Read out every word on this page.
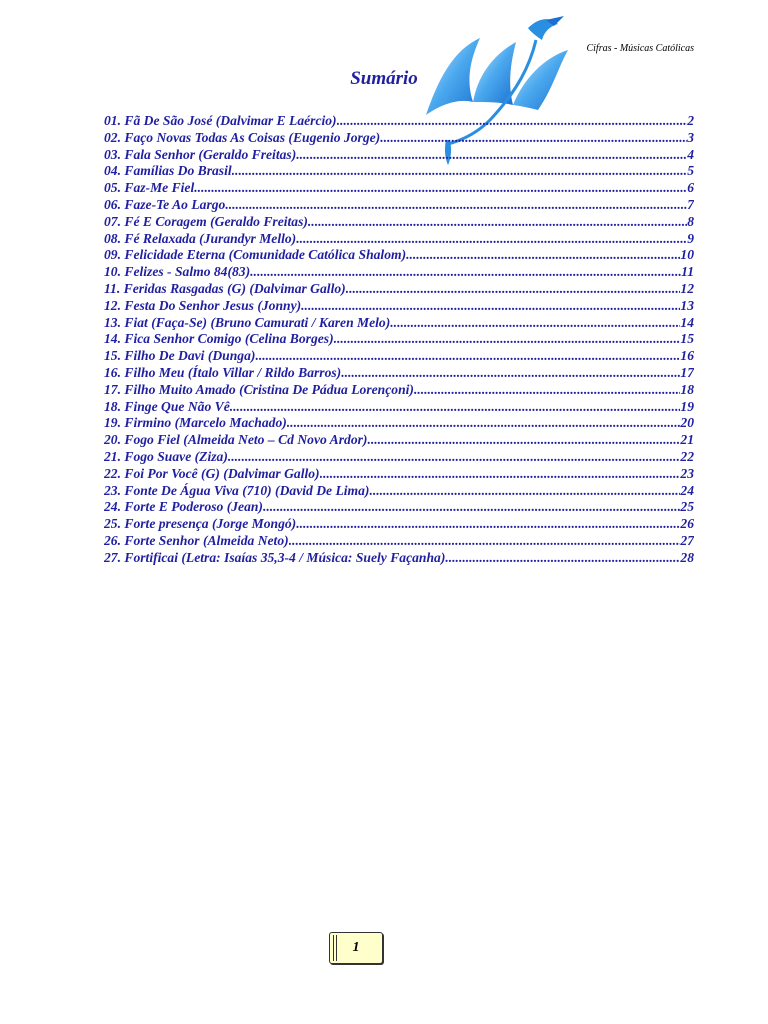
Cifras - Músicas Católicas
Sumário
01. Fã De São José (Dalvimar E Laércio) .....	2
02. Faço Novas Todas As Coisas (Eugenio Jorge) .....	3
03. Fala Senhor (Geraldo Freitas) .....	4
04. Famílias Do Brasil .....	5
05. Faz-Me Fiel .....	6
06. Faze-Te Ao Largo .....	7
07. Fé E Coragem (Geraldo Freitas) .....	8
08. Fé Relaxada (Jurandyr Mello) .....	9
09. Felicidade Eterna (Comunidade Católica Shalom) .....	10
10. Felizes - Salmo 84(83) .....	11
11. Feridas Rasgadas (G) (Dalvimar Gallo) .....	12
12. Festa Do Senhor Jesus (Jonny) .....	13
13. Fiat (Faça-Se) (Bruno Camurati / Karen Melo) .....	14
14. Fica Senhor Comigo (Celina Borges) .....	15
15. Filho De Davi (Dunga) .....	16
16. Filho Meu (Ítalo Villar / Rildo Barros) .....	17
17. Filho Muito Amado (Cristina De Pádua Lorençoni) .....	18
18. Finge Que Não Vê .....	19
19. Firmino (Marcelo Machado) .....	20
20. Fogo Fiel (Almeida Neto – Cd Novo Ardor) .....	21
21. Fogo Suave (Ziza) .....	22
22. Foi Por Você (G) (Dalvimar Gallo) .....	23
23. Fonte De Água Viva (710) (David De Lima) .....	24
24. Forte E Poderoso (Jean) .....	25
25. Forte presença (Jorge Mongó) .....	26
26. Forte Senhor (Almeida Neto) .....	27
27. Fortificai (Letra: Isaías 35,3-4 / Música: Suely Façanha) .....	28
1
